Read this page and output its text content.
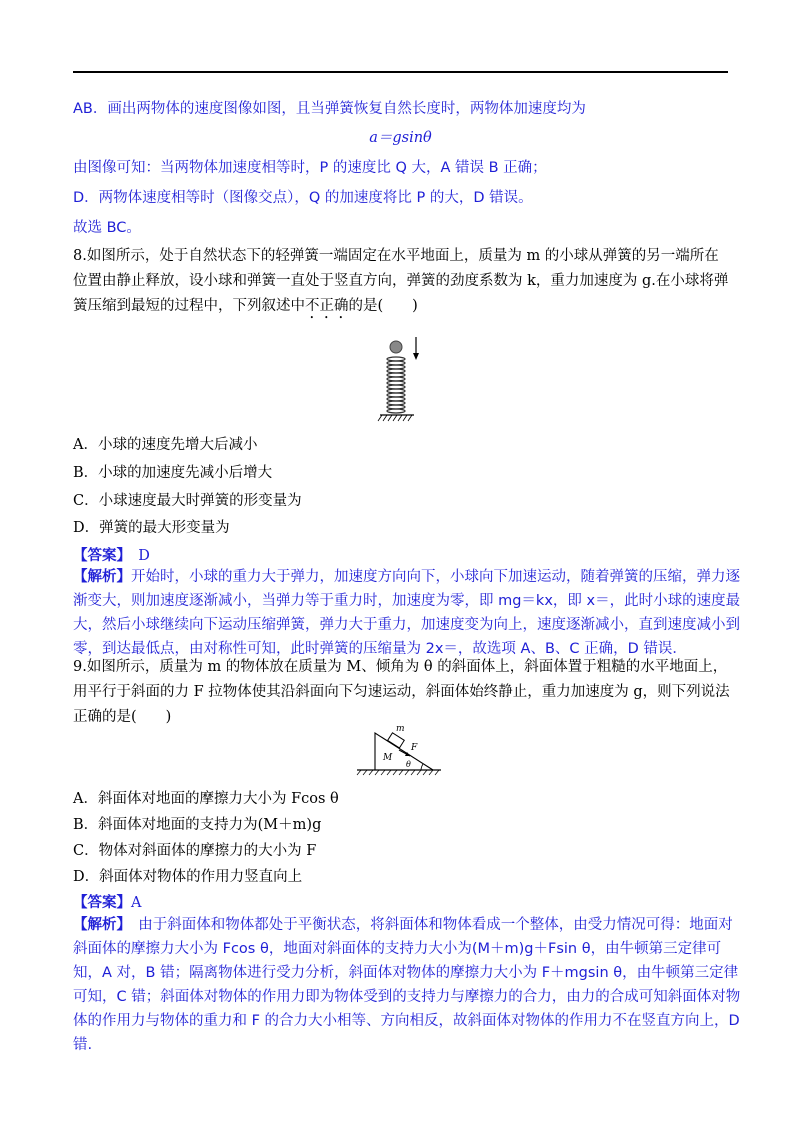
AB．画出两物体的速度图像如图，且当弹簧恢复自然长度时，两物体加速度均为
a＝gsinθ
由图像可知：当两物体加速度相等时，P 的速度比 Q 大，A 错误 B 正确；
D．两物体速度相等时（图像交点），Q 的加速度将比 P 的大，D 错误。
故选 BC。
8.如图所示，处于自然状态下的轻弹簧一端固定在水平地面上，质量为 m 的小球从弹簧的另一端所在位置由静止释放，设小球和弹簧一直处于竖直方向，弹簧的劲度系数为 k，重力加速度为 g.在小球将弹簧压缩到最短的过程中，下列叙述中不正确的是(　　)
A．小球的速度先增大后减小
B．小球的加速度先减小后增大
C．小球速度最大时弹簧的形变量为
D．弹簧的最大形变量为
【答案】　 D
【解析】开始时，小球的重力大于弹力，加速度方向向下，小球向下加速运动，随着弹簧的压缩，弹力逐渐变大，则加速度逐渐减小，当弹力等于重力时，加速度为零，即 mg＝kx，即 x＝，此时小球的速度最大，然后小球继续向下运动压缩弹簧，弹力大于重力，加速度变为向上，速度逐渐减小，直到速度减小到零，到达最低点，由对称性可知，此时弹簧的压缩量为 2x＝，故选项 A、B、C 正确，D 错误．
9.如图所示，质量为 m 的物体放在质量为 M、倾角为 θ 的斜面体上，斜面体置于粗糙的水平地面上，用平行于斜面的力 F 拉物体使其沿斜面向下匀速运动，斜面体始终静止，重力加速度为 g，则下列说法正确的是(　　)
m
F
M
θ
A．斜面体对地面的摩擦力大小为 Fcos θ
B．斜面体对地面的支持力为(M＋m)g
C．物体对斜面体的摩擦力的大小为 F
D．斜面体对物体的作用力竖直向上
【答案】A
【解析】　由于斜面体和物体都处于平衡状态，将斜面体和物体看成一个整体，由受力情况可得：地面对斜面体的摩擦力大小为 Fcos θ，地面对斜面体的支持力大小为(M＋m)g＋Fsin θ，由牛顿第三定律可知，A 对，B 错；隔离物体进行受力分析，斜面体对物体的摩擦力大小为 F＋mgsin θ，由牛顿第三定律可知，C 错；斜面体对物体的作用力即为物体受到的支持力与摩擦力的合力，由力的合成可知斜面体对物体的作用力与物体的重力和 F 的合力大小相等、方向相反，故斜面体对物体的作用力不在竖直方向上，D 错.
